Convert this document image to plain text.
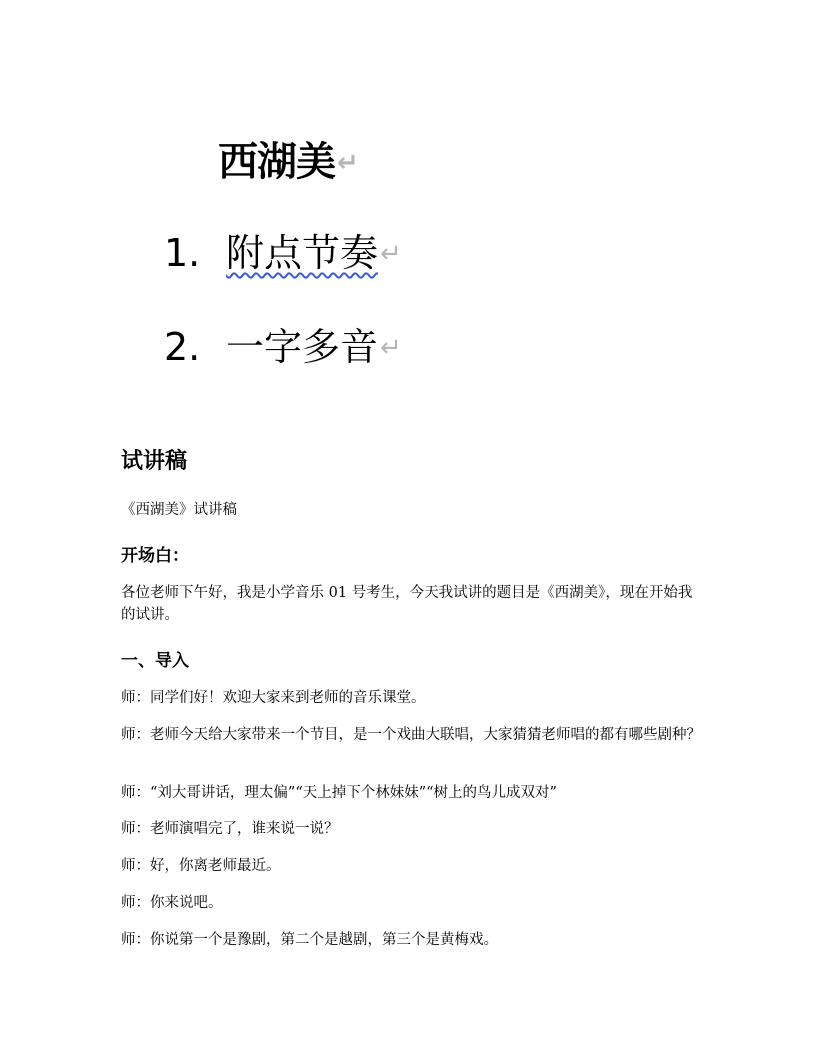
西湖美↵
1. 附点节奏↵
2. 一字多音↵
试讲稿
《西湖美》试讲稿
开场白：
各位老师下午好，我是小学音乐 01 号考生，今天我试讲的题目是《西湖美》，现在开始我的试讲。
一、导入
师：同学们好！欢迎大家来到老师的音乐课堂。
师：老师今天给大家带来一个节目，是一个戏曲大联唱，大家猜猜老师唱的都有哪些剧种？
师：“刘大哥讲话，理太偏”“天上掉下个林妹妹”“树上的鸟儿成双对”
师：老师演唱完了，谁来说一说？
师：好，你离老师最近。
师：你来说吧。
师：你说第一个是豫剧，第二个是越剧，第三个是黄梅戏。
